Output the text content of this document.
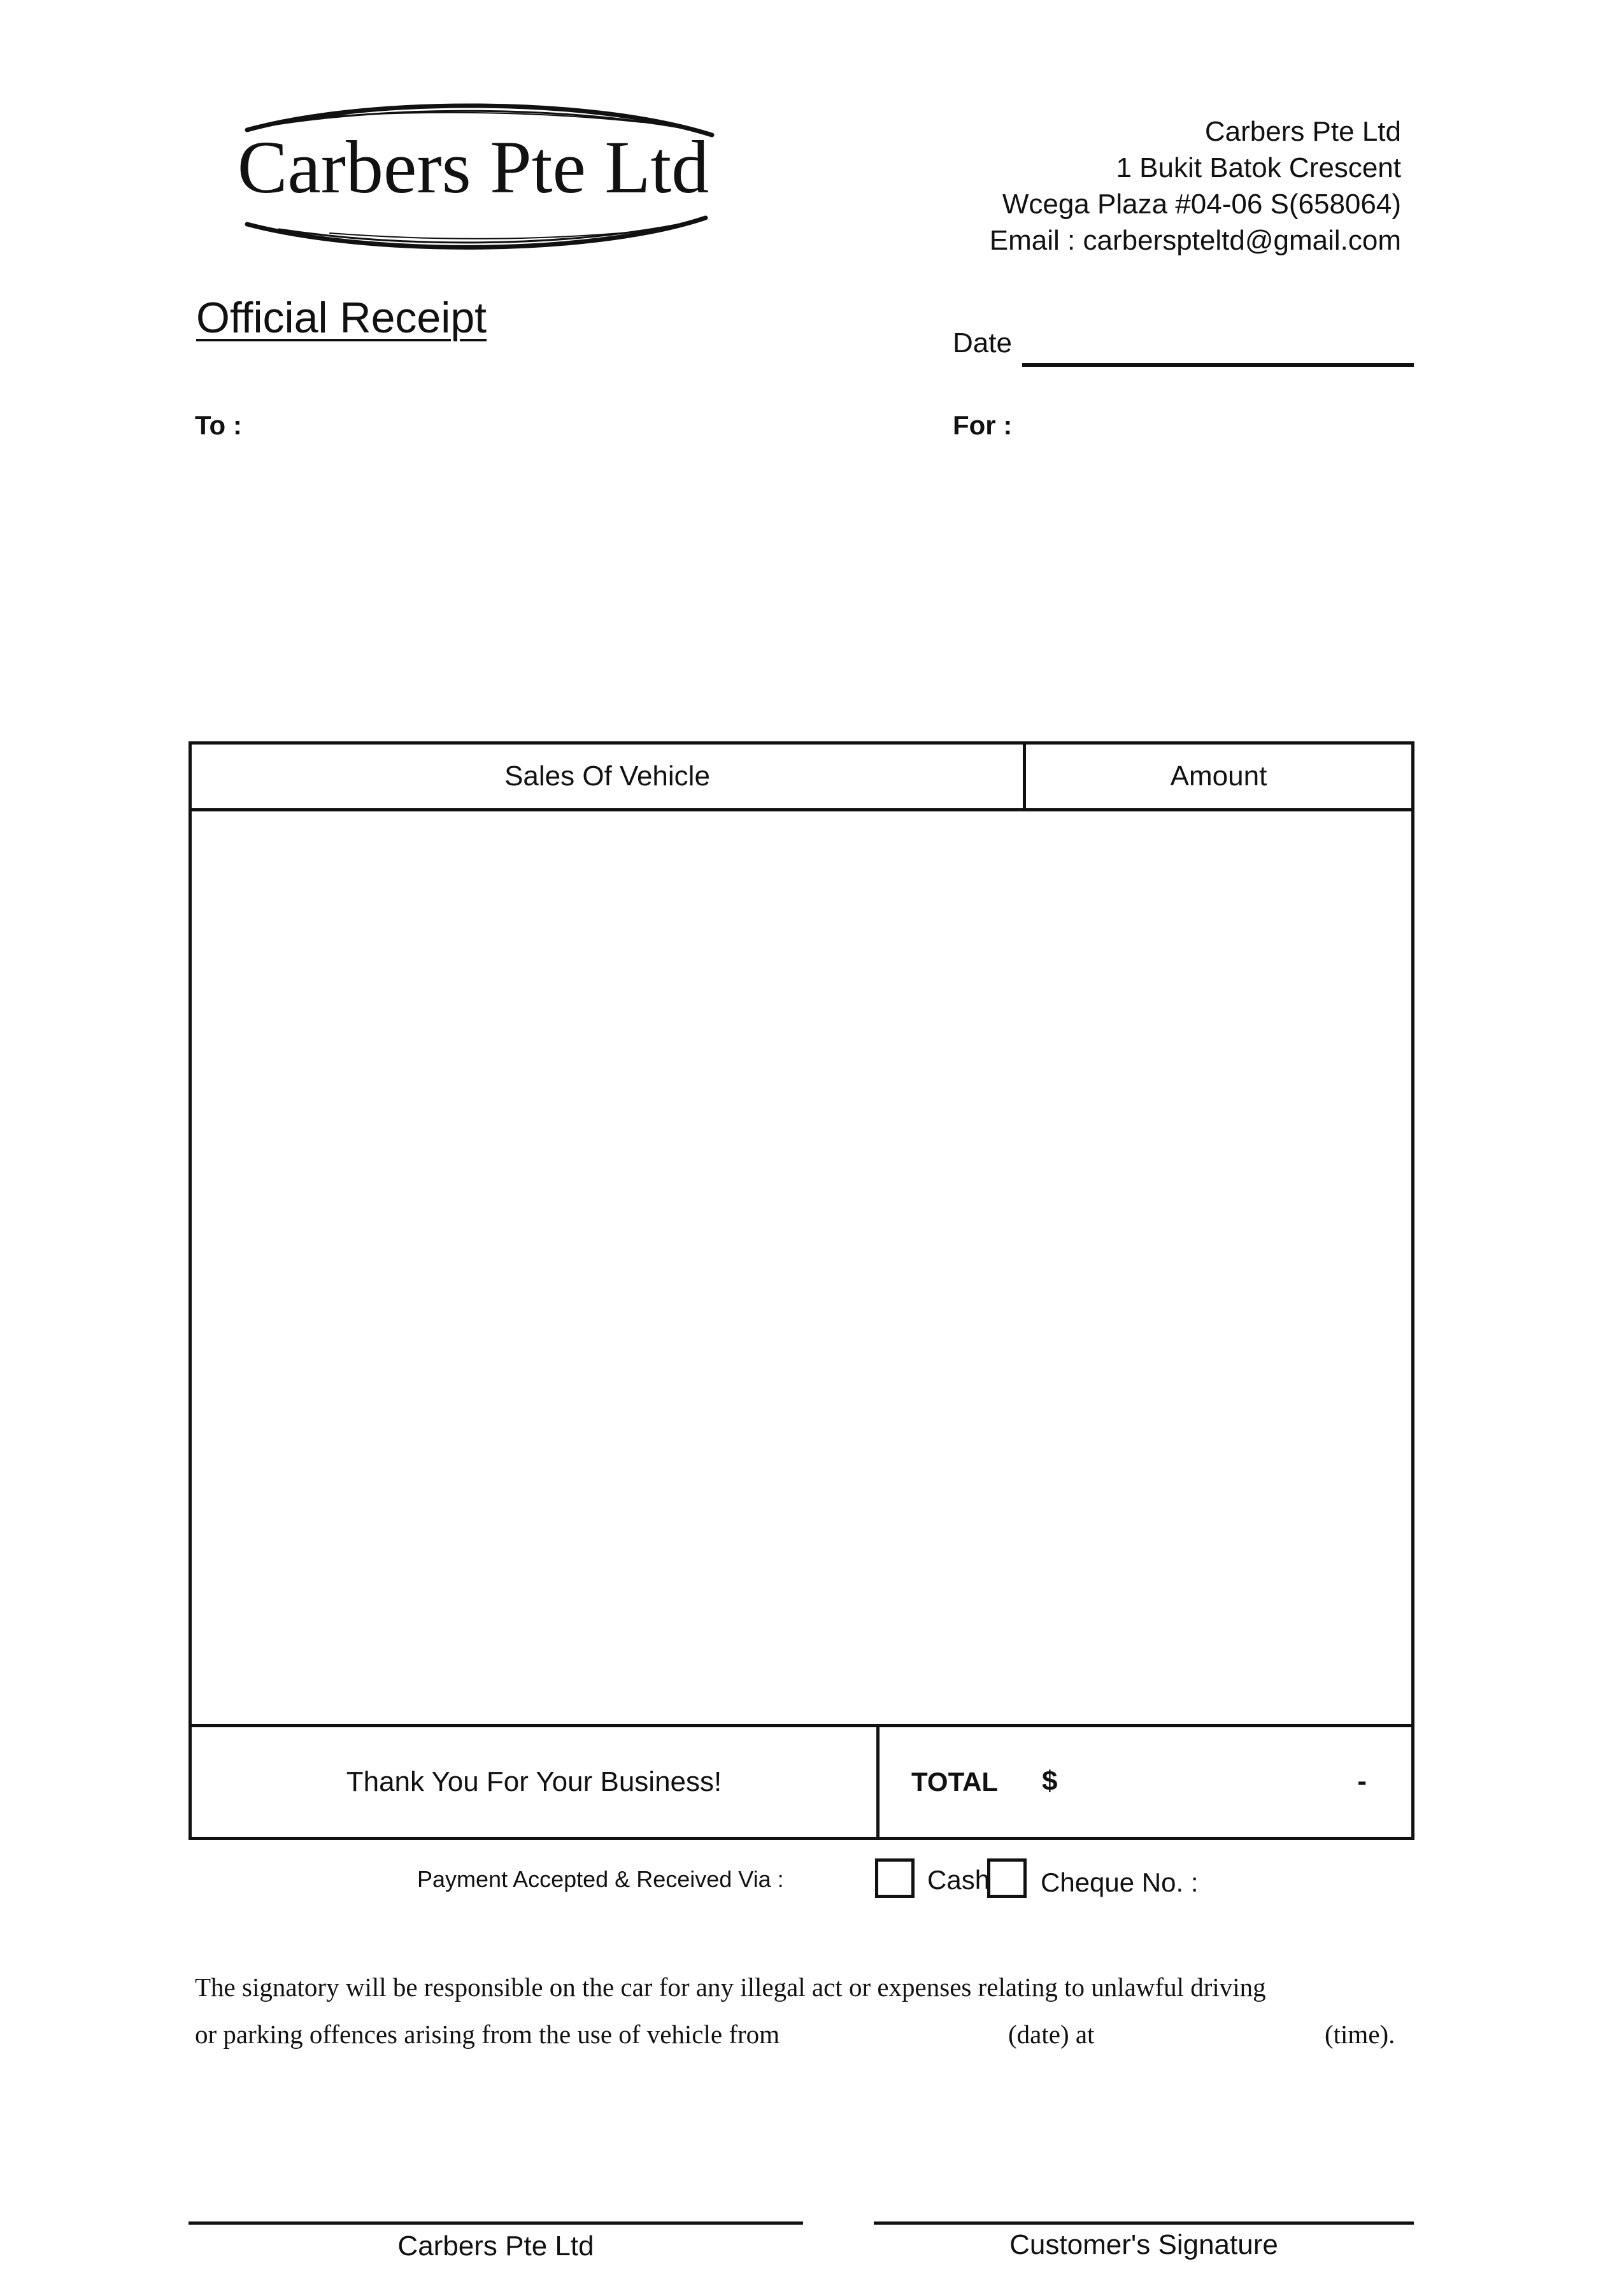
Carbers Pte Ltd	Carbers Pte Ltd
1 Bukit Batok Crescent
Wcega Plaza #04-06 S(658064)
Email : carberspteltd@gmail.com
Official Receipt
Date
To :	For :
Sales Of Vehicle	Amount
Thank You For Your Business!	TOTAL $	-
Payment Accepted & Received Via :	Cash Cheque No. :
The signatory will be responsible on the car for any illegal act or expenses relating to unlawful driving
or parking offences arising from the use of vehicle from	(date) at	(time).
Carbers Pte Ltd	Customer's Signature
